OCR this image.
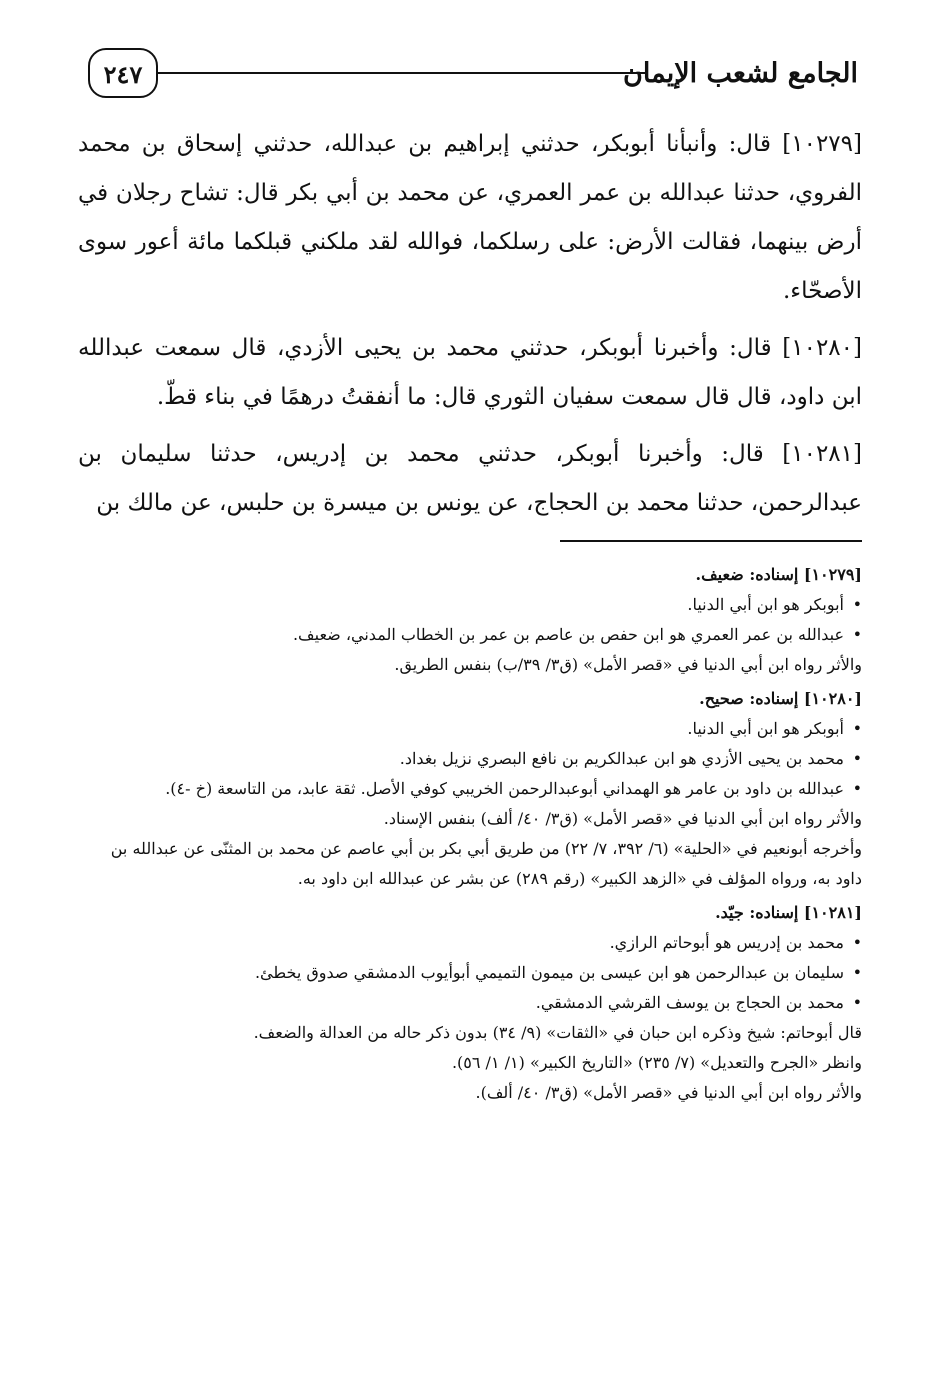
٢٤٧	الجامع لشعب الإيمان

[١٠٢٧٩] قال: وأنبأنا أبوبكر، حدثني إبراهيم بن عبدالله، حدثني إسحاق بن محمد الفروي، حدثنا عبدالله بن عمر العمري، عن محمد بن أبي بكر قال: تشاح رجلان في أرض بينهما، فقالت الأرض: على رسلكما، فوالله لقد ملكني قبلكما مائة أعور سوى الأصحّاء.

[١٠٢٨٠] قال: وأخبرنا أبوبكر، حدثني محمد بن يحيى الأزدي، قال سمعت عبدالله ابن داود، قال قال سمعت سفيان الثوري قال: ما أنفقتُ درهمًا في بناء قطّ.

[١٠٢٨١] قال: وأخبرنا أبوبكر، حدثني محمد بن إدريس، حدثنا سليمان بن عبدالرحمن، حدثنا محمد بن الحجاج، عن يونس بن ميسرة بن حلبس، عن مالك بن

[١٠٢٧٩] إسناده: ضعيف.

• أبوبكر هو ابن أبي الدنيا.

• عبدالله بن عمر العمري هو ابن حفص بن عاصم بن عمر بن الخطاب المدني، ضعيف.

والأثر رواه ابن أبي الدنيا في «قصر الأمل» (ق٣/ ٣٩/ب) بنفس الطريق.

[١٠٢٨٠] إسناده: صحيح.

• أبوبكر هو ابن أبي الدنيا.

• محمد بن يحيى الأزدي هو ابن عبدالكريم بن نافع البصري نزيل بغداد.

• عبدالله بن داود بن عامر هو الهمداني أبوعبدالرحمن الخريبي كوفي الأصل. ثقة عابد، من التاسعة (خ -٤).

والأثر رواه ابن أبي الدنيا في «قصر الأمل» (ق٣/ ٤٠/ ألف) بنفس الإسناد.

وأخرجه أبونعيم في «الحلية» (٦/ ٣٩٢، ٧/ ٢٢) من طريق أبي بكر بن أبي عاصم عن محمد بن المثنّى عن عبدالله بن داود به، ورواه المؤلف في «الزهد الكبير» (رقم ٢٨٩) عن بشر عن عبدالله ابن داود به.

[١٠٢٨١] إسناده: جيّد.

• محمد بن إدريس هو أبوحاتم الرازي.

• سليمان بن عبدالرحمن هو ابن عيسى بن ميمون التميمي أبوأيوب الدمشقي صدوق يخطئ.

• محمد بن الحجاج بن يوسف القرشي الدمشقي.

قال أبوحاتم: شيخ وذكره ابن حبان في «الثقات» (٩/ ٣٤) بدون ذكر حاله من العدالة والضعف.

وانظر «الجرح والتعديل» (٧/ ٢٣٥) «التاريخ الكبير» (١/ ١/ ٥٦).

والأثر رواه ابن أبي الدنيا في «قصر الأمل» (ق٣/ ٤٠/ ألف).
